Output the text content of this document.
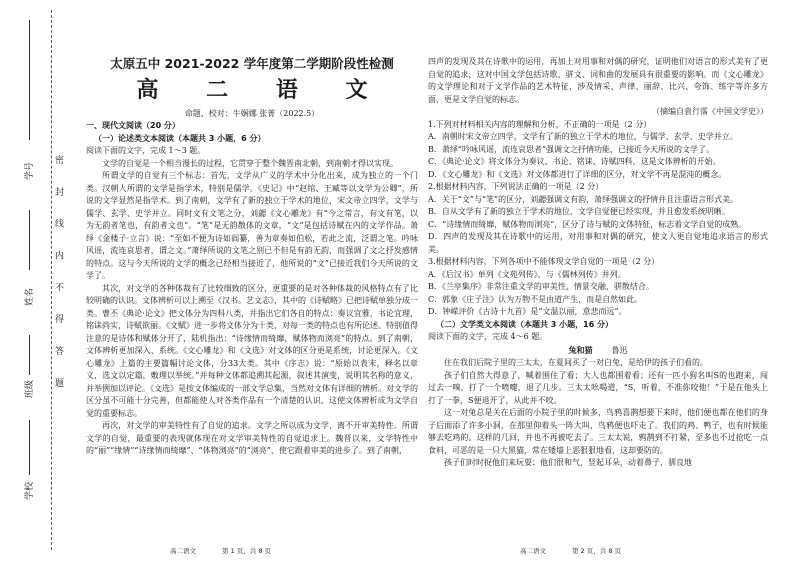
密 封 线 内 不 得 答 题
学号
姓名
班级
学校
太原五中 2021-2022 学年度第二学期阶段性检测
高 二 语 文
命题、校对：牛娴娜 张菁（2022.5）

一、现代文阅读（20 分）

（一）论述类文本阅读（本题共 3 小题，6 分）

阅读下面的文字，完成 1～3 题。

文学的自觉是一个相当漫长的过程，它贯穿于整个魏晋南北朝，到南朝才得以实现。

所谓文学的自觉有三个标志：首先，文学从广义的学术中分化出来，成为独立的一个门类。汉朝人所谓的文学是指学术，特别是儒学。《史记》中“赵绾、王臧等以文学为公卿”，所说的文学显然是指学术。到了南朝，文学有了新的独立于学术的地位，宋文帝立四学，文学与儒学、玄学、史学并立。同时文有文笔之分，刘勰《文心雕龙》有“今之常言，有文有笔，以为无韵者笔也，有韵者文也”。“笔”是无韵散体的文章，“文”是包括诗赋在内的文学作品。萧绎《金楼子·立言》说：“至如不便为诗如阎纂，善为章奏如伯松，若此之流，泛谓之笔。吟咏风谣，流连哀思者，谓之文。”萧绎所说的文笔之别已不但是有韵无韵，而强调了文之抒发感情的特点。这与今天所说的文学的概念已经相当接近了，他所说的“文”已接近我们今天所说的文学了。

其次，对文学的各种体裁有了比较细致的区分，更重要的是对各种体裁的风格特点有了比较明确的认识。文体辨析可以上溯至《汉书。艺文志》，其中的《诗赋略》已把诗赋单独分成一类。曹丕《典论·论文》把文体分为四科八类，并指出它们各自的特点：奏议宜雅，书论宜理，铭诔尚实，诗赋欲丽。《文赋》进一步将文体分为十类，对每一类的特点也有所论述。特别值得注意的是诗体和赋体分开了，陆机指出：“诗缘情而绮靡，赋体物而浏亮”的特点。到了南朝，文体辨析更加深入、系统。《文心雕龙》和《文选》对文体的区分更是系统，讨论更深入。《文心雕龙》上篇的主要篇幅讨论文体，分33大类。其中《序志》说：“原始以表末，释名以章义，选文以定篇，敷理以举统。”并每种文体都追溯其起源，叙述其演变，说明其名称的意义，并举例加以评论。《文选》是按文体编成的一部文学总集，当然对文体有详细的辨析。对文学的区分虽不可能十分完善，但都能使人对各类作品有一个清楚的认识，这使文体辨析成为文学自觉的重要标志。

再次，对文学的审美特性有了自觉的追求。文学之所以成为文学，离不开审美特性。所谓文学的自觉，最重要的表现就体现在对文学审美特性的自觉追求上。魏晋以来，文学特性中的“丽”“缘情”“诗缘情而绮靡”、“体物浏亮”的“浏亮”，使它跟着审美的进步了。到了南朝，

四声的发现及其在诗歌中的运用，再加上对用事和对偶的研究，证明他们对语言的形式美有了更自觉的追求，这对中国文学包括诗歌、骈文、词和曲的发展具有很重要的影响。而《文心雕龙》的文学理论和对于文学作品的艺术特征，涉及情采、声律、丽辞、比兴、夸饰、练字等许多方面，更是文学自觉的标志。

（摘编自袁行霈《中国文学史》）

1.下列对材料相关内容的理解和分析，不正确的一项是（2 分）

A．南朝时宋文帝立四学，文学有了新的独立于学术的地位，与儒学、玄学、史学并立。

B．萧绎“吟咏风谣，流连哀思者”强调文之抒情功能，已接近今天所说的文学了。

C．《典论·论文》将文体分为奏议、书论、铭诔、诗赋四科，这是文体辨析的开始。

D．《文心雕龙》和《文选》对文体都进行了详细的区分，对文学不再是混沌的概念。

2.根据材料内容，下列说法正确的一项是（2 分）

A．关于“文”与“笔”的区分，刘勰强调文有韵，萧绎强调文的抒情并且注重语言形式美。

B．自从文学有了新的独立于学术的地位，文学自觉便已经实现，并且愈发系统明晰。

C．“诗缘情而绮靡，赋体物而浏亮”，区分了诗与赋的文体特征，标志着文学自觉的成熟。

D．四声的发现及其在诗歌中的运用，对用事和对偶的研究，使文人更自觉地追求语言的形式美。

3.根据材料内容，下列各项中不能体现文学自觉的一项是（2 分）

A．《后汉书》单列《文苑列传》，与《儒林列传》并列。

B．《兰亭集序》非常注重文学的审美性，情景交融，骈散结合。

C．郭象《庄子注》认为万物不是由道产生，而是自然如此。

D．钟嵘评价《古诗十九首》是“文温以丽，意悲而远”。

（二）文学类文本阅读（本题共 3 小题，16 分）

阅读下面的文字，完成 4～6 题。

兔和猫 鲁迅

住在我们后院子里的三太太，在夏间买了一对白兔，是给伊的孩子们看的。

孩子们自然大得意了，喊着围住了看；大人也都围着看；还有一匹小狗名叫S的也跑来，闯过去一嗅，打了一个喷嚏，退了几步。三太太吆喝道，“S，听着，不准你咬他！”于是在他头上打了一拳，S便退开了，从此并不咬。

这一对兔总是关在后面的小院子里的时候多，鸟鸦喜鹊想要下来时，他们便也都在他们的身子后面添了许多小洞，在那里仰着头一阵大叫，鸟鸦便也吓走了。我们的鸡、鸭子，也有时候能够去吃鸡的。这样的几回，并也不再被吃去了。三太太说，鸦鹊到不打紧，至多也不过抢吃一点食料，可恶的是一只大黑猫，常在矮墙上恶狠狠地看，这却要防的。

孩子们时时捉他们来玩耍；他们很和气，竖起耳朵，动着鼻子，驯良地

高二语文　　　　第 1 页，共 8 页	高二语文　　　　第 2 页，共 8 页
